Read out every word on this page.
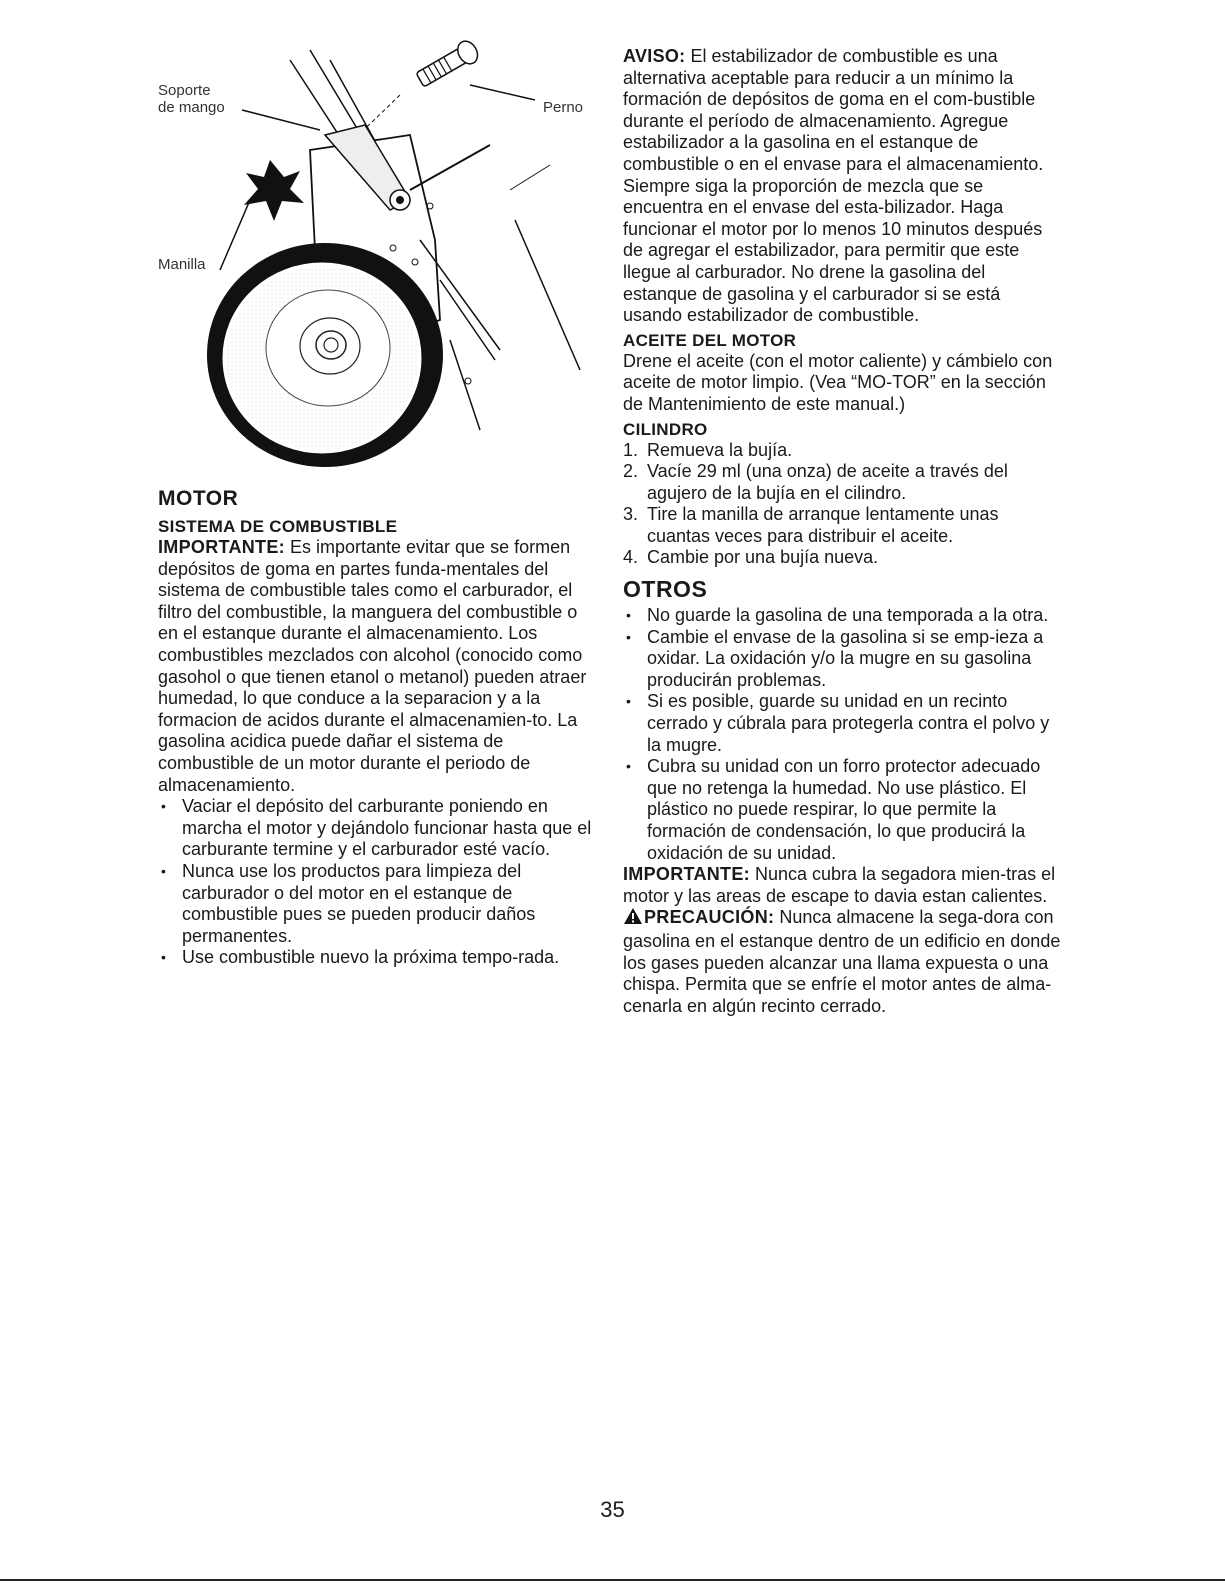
Soporte
de mango	Perno
Manilla
MOTOR
SISTEMA DE COMBUSTIBLE

IMPORTANTE: Es importante evitar que se formen depósitos de goma en partes funda-mentales del sistema de combustible tales como el carburador, el filtro del combustible, la manguera del combustible o en el estanque durante el almacenamiento. Los combustibles mezclados con alcohol (conocido como gasohol o que tienen etanol o metanol) pueden atraer humedad, lo que conduce a la separacion y a la formacion de acidos durante el almacenamien-to. La gasolina acidica puede dañar el sistema de combustible de un motor durante el periodo de almacenamiento.

• Vaciar el depósito del carburante poniendo en marcha el motor y dejándolo funcionar hasta que el carburante termine y el carburador esté vacío.
• Nunca use los productos para limpieza del carburador o del motor en el estanque de combustible pues se pueden producir daños permanentes.
• Use combustible nuevo la próxima tempo-rada.

AVISO: El estabilizador de combustible es una alternativa aceptable para reducir a un mínimo la formación de depósitos de goma en el com-bustible durante el período de almacenamiento. Agregue estabilizador a la gasolina en el estanque de combustible o en el envase para el almacenamiento. Siempre siga la proporción de mezcla que se encuentra en el envase del esta-bilizador. Haga funcionar el motor por lo menos 10 minutos después de agregar el estabilizador, para permitir que este llegue al carburador. No drene la gasolina del estanque de gasolina y el carburador si se está usando estabilizador de combustible.

ACEITE DEL MOTOR

Drene el aceite (con el motor caliente) y cámbielo con aceite de motor limpio. (Vea “MO-TOR” en la sección de Mantenimiento de este manual.)

CILINDRO
1. Remueva la bujía.
2. Vacíe 29 ml (una onza) de aceite a través del agujero de la bujía en el cilindro.
3. Tire la manilla de arranque lentamente unas cuantas veces para distribuir el aceite.
4. Cambie por una bujía nueva.
OTROS
• No guarde la gasolina de una temporada a la otra.
• Cambie el envase de la gasolina si se emp-ieza a oxidar. La oxidación y/o la mugre en su gasolina producirán problemas.
• Si es posible, guarde su unidad en un recinto cerrado y cúbrala para protegerla contra el polvo y la mugre.
• Cubra su unidad con un forro protector adecuado que no retenga la humedad. No use plástico. El plástico no puede respirar, lo que permite la formación de condensación, lo que producirá la oxidación de su unidad.

IMPORTANTE: Nunca cubra la segadora mien-tras el motor y las areas de escape to davia estan calientes.

PRECAUCIÓN: Nunca almacene la sega-dora con gasolina en el estanque dentro de un edificio en donde los gases pueden alcanzar una llama expuesta o una chispa. Permita que se enfríe el motor antes de alma-cenarla en algún recinto cerrado.

35
